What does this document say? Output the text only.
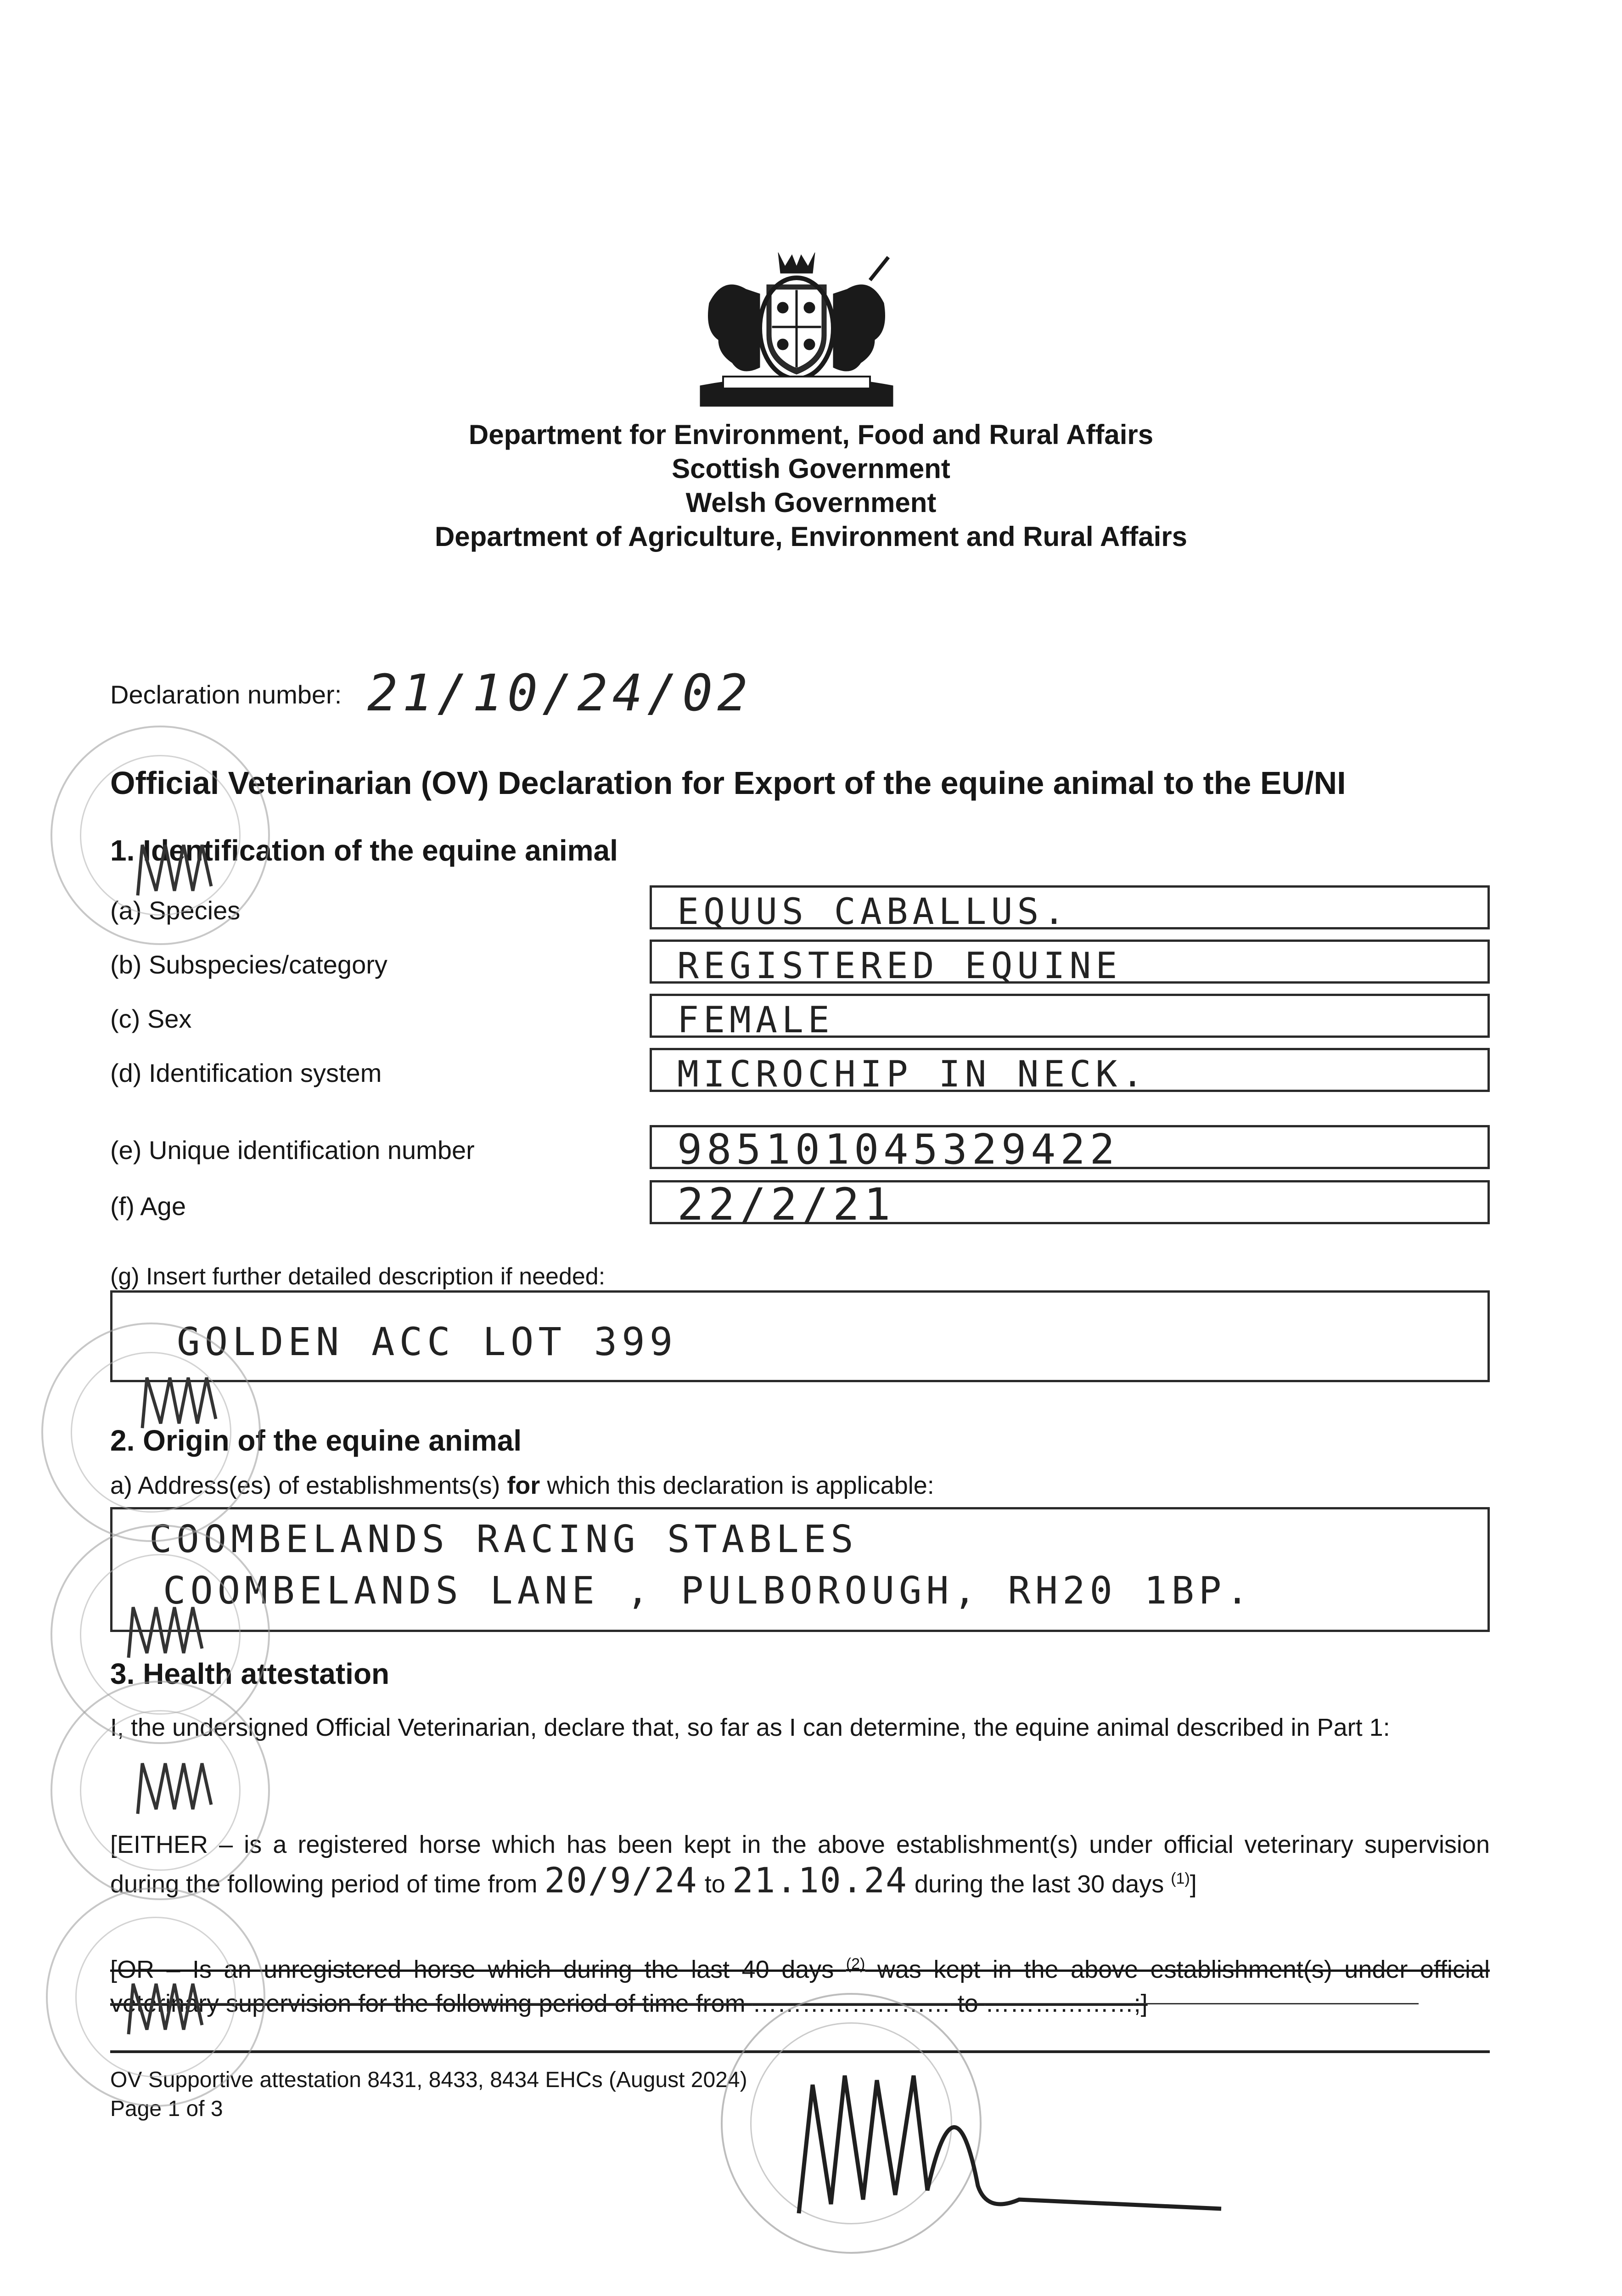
Department for Environment, Food and Rural Affairs
Scottish Government
Welsh Government
Department of Agriculture, Environment and Rural Affairs
Declaration number: 21/10/24/02
Official Veterinarian (OV) Declaration for Export of the equine animal to the EU/NI
1. Identification of the equine animal
(a) Species	EQUUS CABALLUS.
(b) Subspecies/category	REGISTERED EQUINE
(c) Sex	FEMALE
(d) Identification system	MICROCHIP IN NECK.
(e) Unique identification number	985101045329422
(f) Age	22/2/21
(g) Insert further detailed description if needed:
GOLDEN ACC LOT 399
2. Origin of the equine animal
a) Address(es) of establishments(s) for which this declaration is applicable:
COOMBELANDS RACING STABLES
COOMBELANDS LANE , PULBOROUGH, RH20 1BP.
3. Health attestation
I, the undersigned Official Veterinarian, declare that, so far as I can determine, the equine animal described in Part 1:
[EITHER – is a registered horse which has been kept in the above establishment(s) under official veterinary supervision during the following period of time from 20/9/24 to 21.10.24 during the last 30 days $^{(1)}$]
[OR – Is an unregistered horse which during the last 40 days $^{(2)}$ was kept in the above establishment(s) under official veterinary supervision for the following period of time from …………………… to ………………;]
OV Supportive attestation 8431, 8433, 8434 EHCs (August 2024)
Page 1 of 3
